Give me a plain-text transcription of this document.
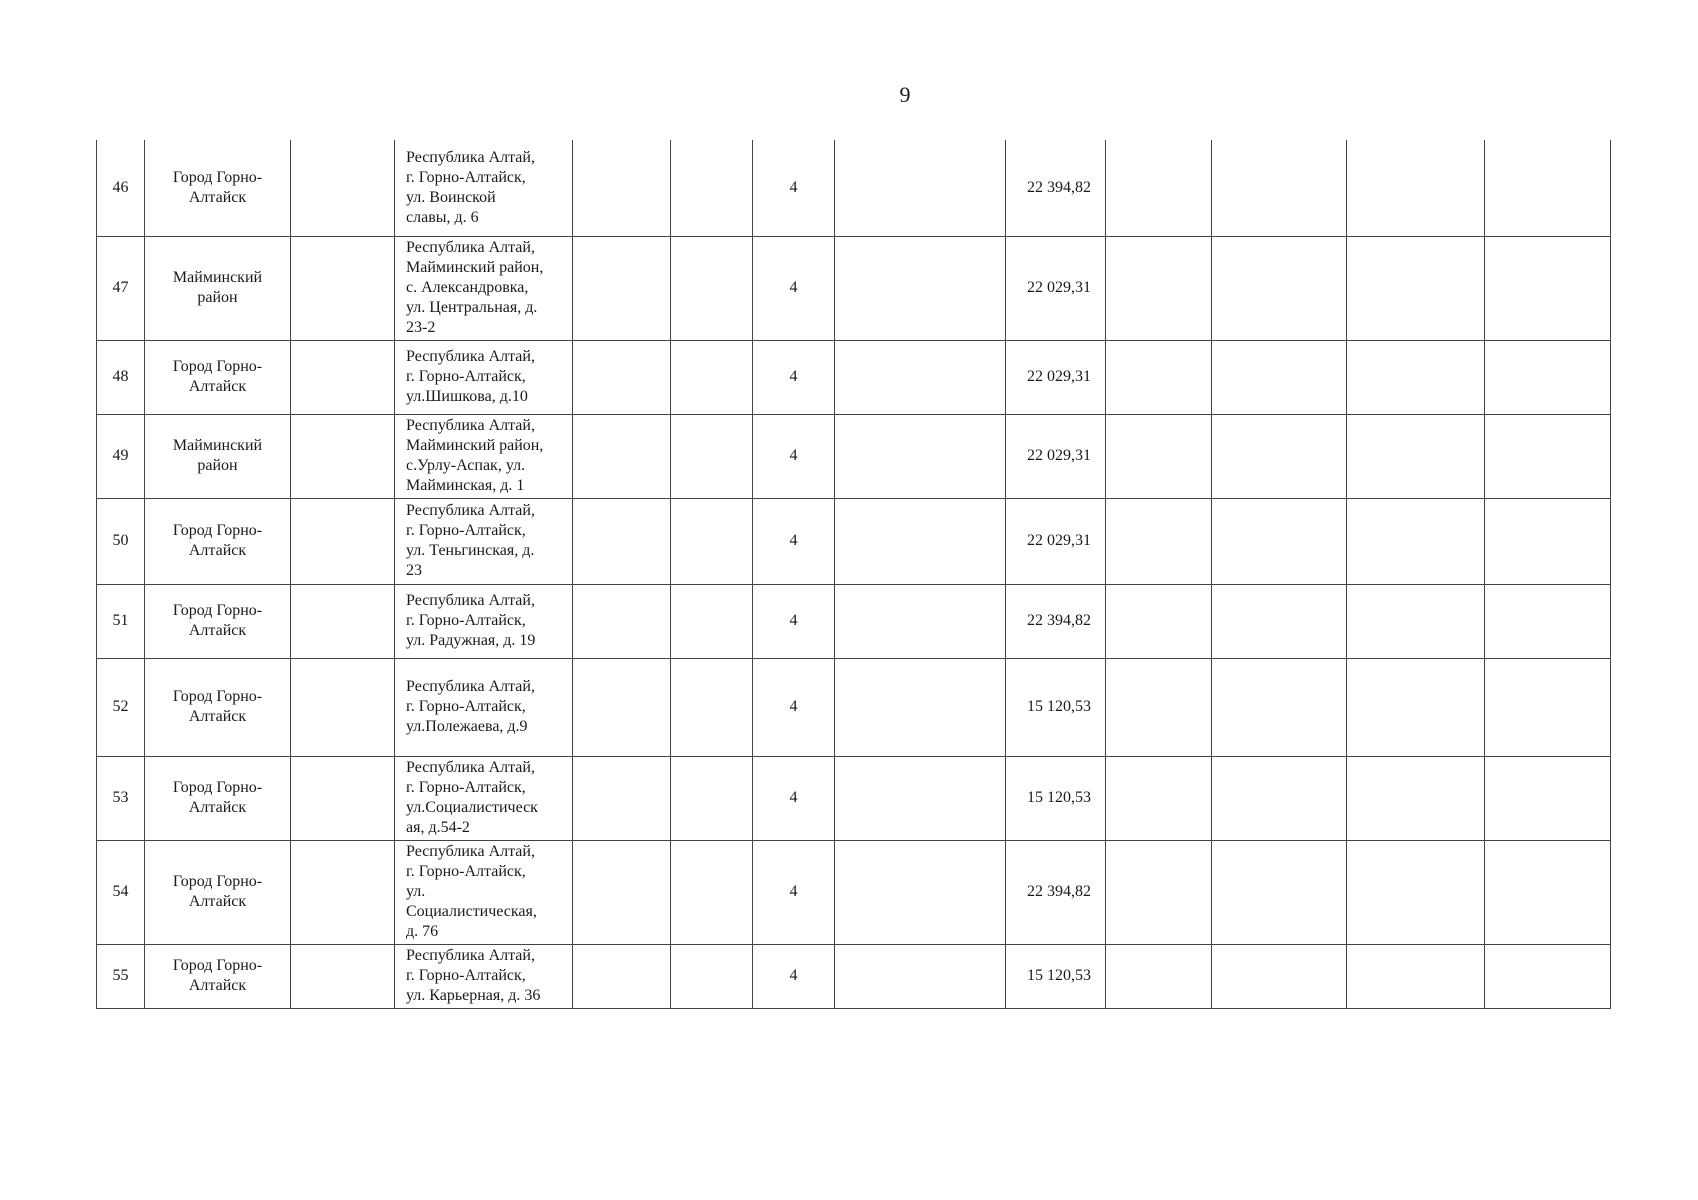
9
46	Город Горно-Алтайск		Республика Алтай,
г. Горно-Алтайск,
ул. Воинской
славы, д. 6			4		22 394,82				
47	Майминский район		Республика Алтай,
Майминский район,
с. Александровка,
ул. Центральная, д.
23-2			4		22 029,31				
48	Город Горно-Алтайск		Республика Алтай,
г. Горно-Алтайск,
ул.Шишкова, д.10			4		22 029,31				
49	Майминский район		Республика Алтай,
Майминский район,
с.Урлу-Аспак, ул.
Майминская, д. 1			4		22 029,31				
50	Город Горно-Алтайск		Республика Алтай,
г. Горно-Алтайск,
ул. Теньгинская, д.
23			4		22 029,31				
51	Город Горно-Алтайск		Республика Алтай,
г. Горно-Алтайск,
ул. Радужная, д. 19			4		22 394,82				
52	Город Горно-Алтайск		Республика Алтай,
г. Горно-Алтайск,
ул.Полежаева, д.9			4		15 120,53				
53	Город Горно-Алтайск		Республика Алтай,
г. Горно-Алтайск,
ул.Социалистическ
ая, д.54-2			4		15 120,53				
54	Город Горно-Алтайск		Республика Алтай,
г. Горно-Алтайск,
ул.
Социалистическая,
д. 76			4		22 394,82				
55	Город Горно-Алтайск		Республика Алтай,
г. Горно-Алтайск,
ул. Карьерная, д. 36			4		15 120,53				
